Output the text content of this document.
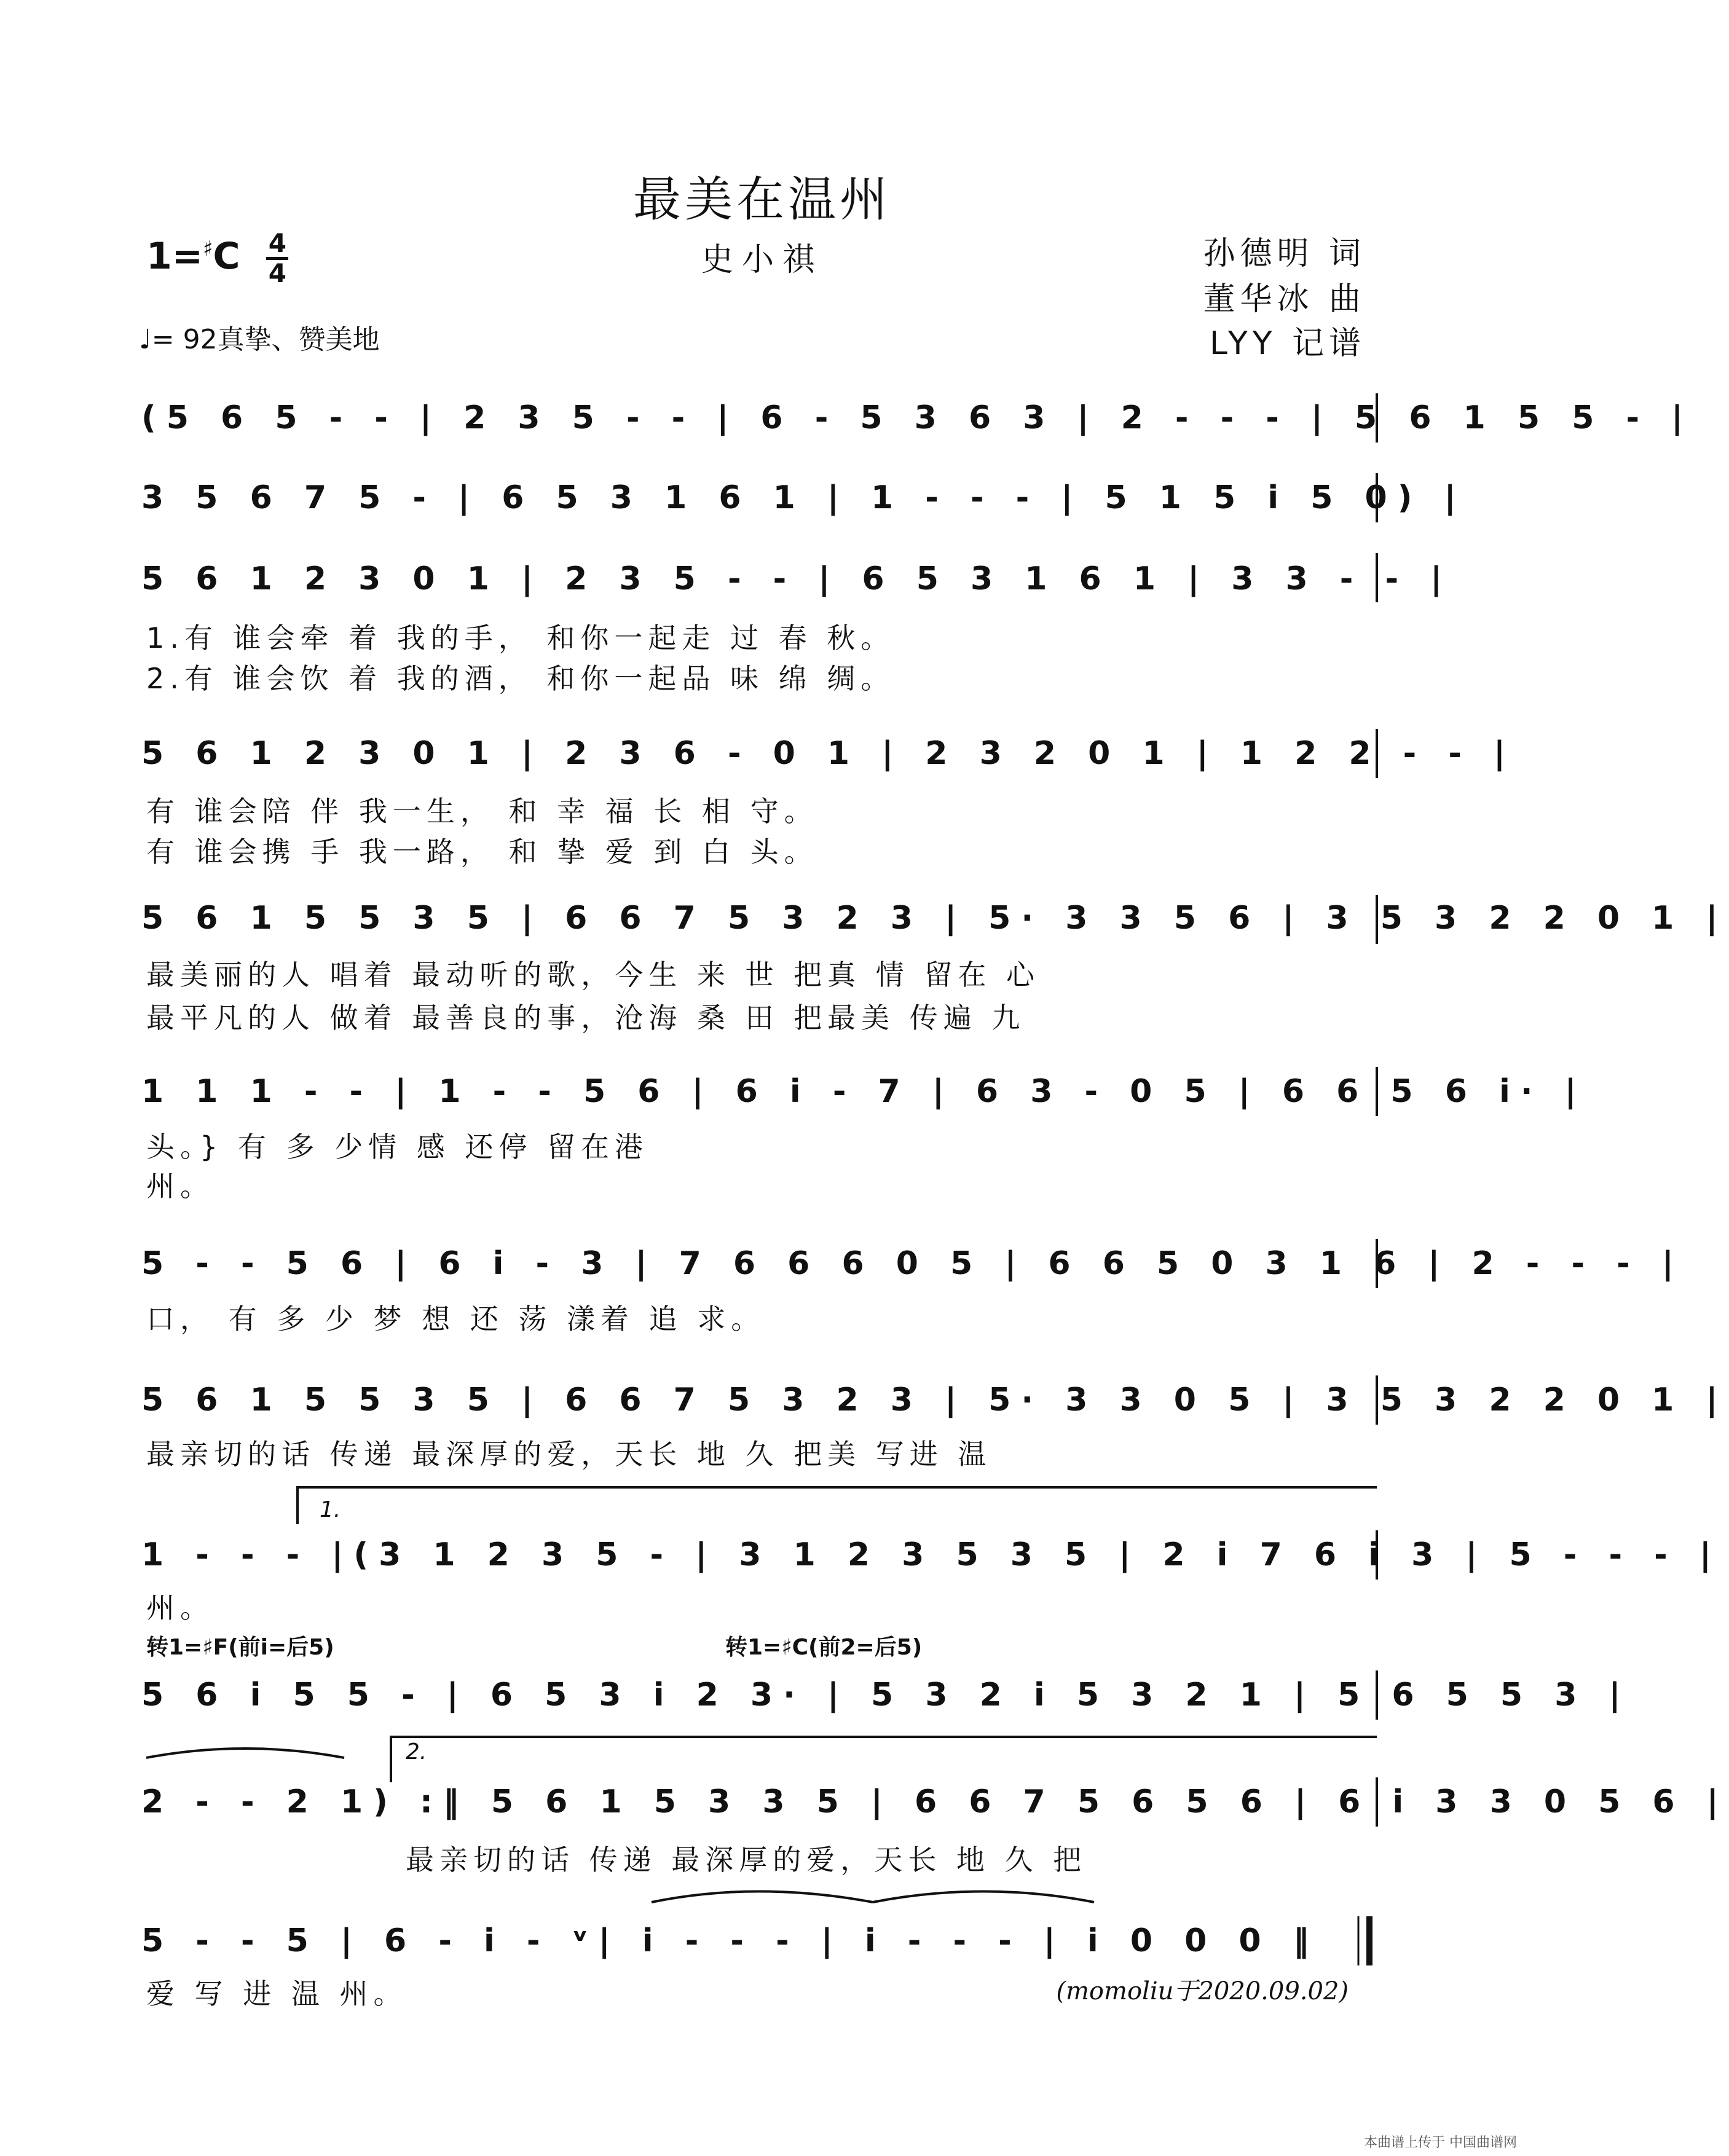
最美在温州
史小祺	孙德明 词
董华冰 曲
LYY 记谱
1=♯C 4
4
♩= 92真挚、赞美地
(5 6 5 - - | 2 3 5 - - | 6 - 5 3 6 3 | 2 - - - | 5 6 1 5 5 - |
3 5 6 7 5 - | 6 5 3 1 6 1 | 1 - - - | 5 1 5 i 5 0) |
5 6 1 2 3 0 1 | 2 3 5 - - | 6 5 3 1 6 1 | 3 3 - - |
1.有 谁会牵 着 我的手， 和你一起走 过 春 秋。
2.有 谁会饮 着 我的酒， 和你一起品 味 绵 绸。
5 6 1 2 3 0 1 | 2 3 6 - 0 1 | 2 3 2 0 1 | 1 2 2 - - |
有 谁会陪 伴 我一生， 和 幸 福 长 相 守。
有 谁会携 手 我一路， 和 挚 爱 到 白 头。
5 6 1 5 5 3 5 | 6 6 7 5 3 2 3 | 5· 3 3 5 6 | 3 5 3 2 2 0 1 |
最美丽的人 唱着 最动听的歌，今生 来 世 把真 情 留在 心
最平凡的人 做着 最善良的事，沧海 桑 田 把最美 传遍 九
1 1 1 - - | 1 - - 5 6 | 6 i - 7 | 6 3 - 0 5 | 6 6 5 6 i· |
头。} 有 多 少情 感 还停 留在港
州。
5 - - 5 6 | 6 i - 3 | 7 6 6 6 0 5 | 6 6 5 0 3 1 6 | 2 - - - |
口， 有 多 少 梦 想 还 荡 漾着 追 求。
5 6 1 5 5 3 5 | 6 6 7 5 3 2 3 | 5· 3 3 0 5 | 3 5 3 2 2 0 1 |
最亲切的话 传递 最深厚的爱，天长 地 久 把美 写进 温
1.
1 - - - |(3 1 2 3 5 - | 3 1 2 3 5 3 5 | 2 i 7 6 i 3 | 5 - - - |
州。
转1=♯F(前i=后5)	转1=♯C(前2=后5)
5 6 i 5 5 - | 6 5 3 i 2 3· | 5 3 2 i 5 3 2 1 | 5 6 5 5 3 |
2.
2 - - 2 1) :‖ 5 6 1 5 3 3 5 | 6 6 7 5 6 5 6 | 6 i 3 3 0 5 6 |
最亲切的话 传递 最深厚的爱，天长 地 久 把
5 - - 5 | 6 - i - ᵛ| i - - - | i - - - | i 0 0 0 ‖
爱 写 进 温 州。	(momoliu于2020.09.02)
本曲谱上传于 中国曲谱网
